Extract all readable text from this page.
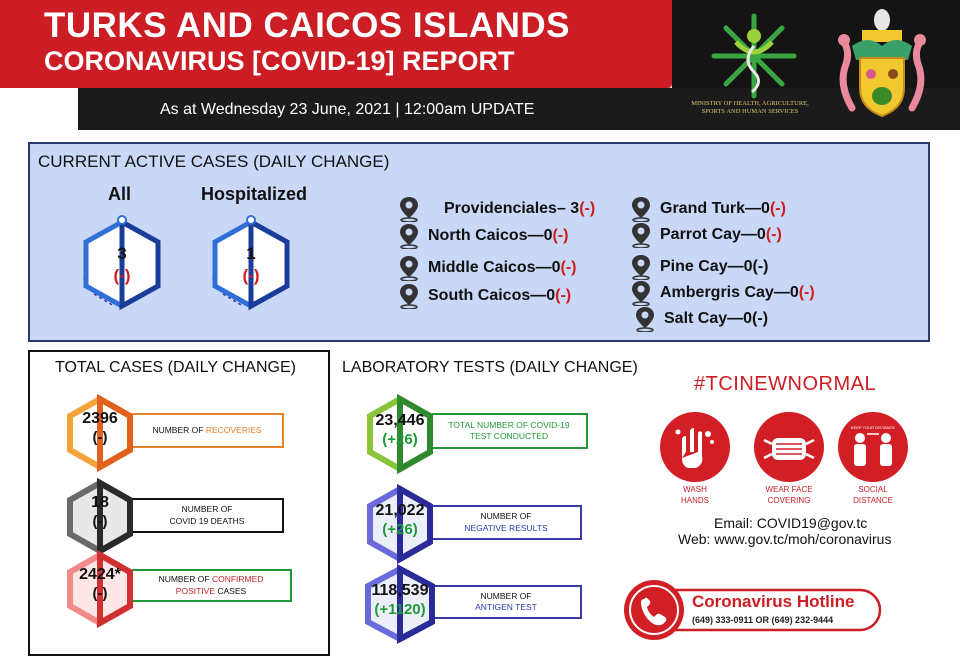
TURKS AND CAICOS ISLANDS
CORONAVIRUS [COVID-19] REPORT
As at Wednesday 23 June, 2021 | 12:00am UPDATE	MINISTRY OF HEALTH, AGRICULTURE, SPORTS AND HUMAN SERVICES
CURRENT ACTIVE CASES (DAILY CHANGE)
All	Hospitalized
3
(-)
1
(-)
Providenciales– 3 (-)
North Caicos—0 (-)
Middle Caicos—0 (-)
South Caicos—0 (-)
Grand Turk—0 (-)
Parrot Cay—0 (-)
Pine Cay—0 (-)
Ambergris Cay—0 (-)
Salt Cay—0 (-)
TOTAL CASES (DAILY CHANGE)
NUMBER OF RECOVERIES
2396
(-)
NUMBER OF
COVID 19 DEATHS
18
(-)
NUMBER OF CONFIRMED
POSITIVE CASES
2424*
(-)
LABORATORY TESTS (DAILY CHANGE)
TOTAL NUMBER OF COVID-19
TEST CONDUCTED
23,446
(+26)
NUMBER OF
NEGATIVE RESULTS
21,022
(+26)
NUMBER OF
ANTIGEN TEST
118,539
(+1120)
#TCINEWNORMAL
KEEP YOUR DISTANCE
WASH
HANDS
WEAR FACE
COVERING
SOCIAL
DISTANCE
Email: COVID19@gov.tc
Web: www.gov.tc/moh/coronavirus
Coronavirus Hotline
(649) 333-0911 OR (649) 232-9444
